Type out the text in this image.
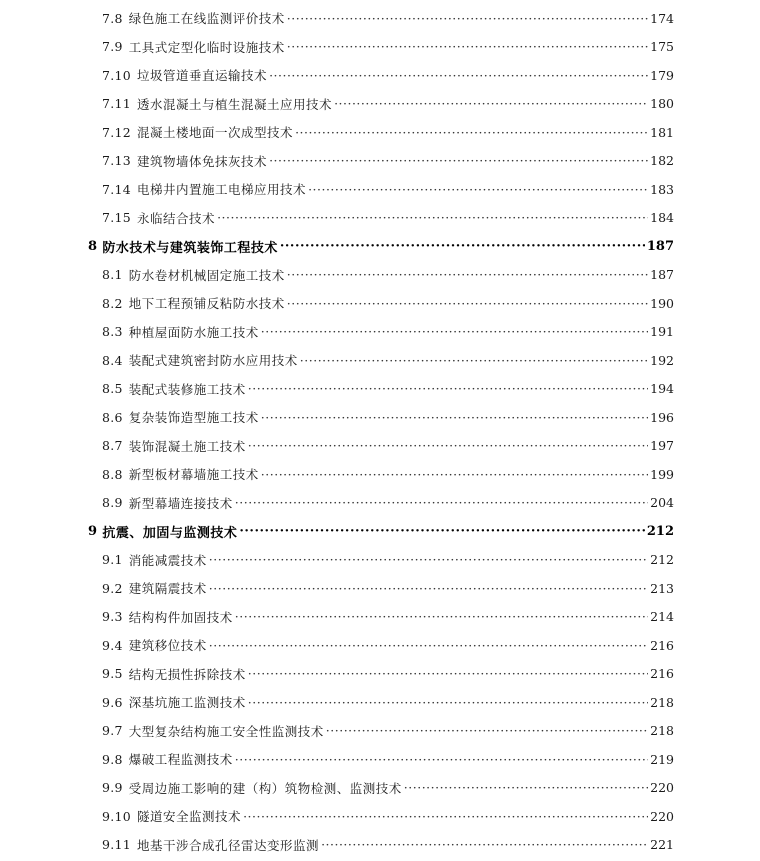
7.8 绿色施工在线监测评价技术 ·····	174
7.9 工具式定型化临时设施技术 ·····	175
7.10 垃圾管道垂直运输技术 ·····	179
7.11 透水混凝土与植生混凝土应用技术 ·····	180
7.12 混凝土楼地面一次成型技术 ·····	181
7.13 建筑物墙体免抹灰技术 ·····	182
7.14 电梯井内置施工电梯应用技术 ·····	183
7.15 永临结合技术 ·····	184
8 防水技术与建筑装饰工程技术 ·····	187
8.1 防水卷材机械固定施工技术 ·····	187
8.2 地下工程预铺反粘防水技术 ·····	190
8.3 种植屋面防水施工技术 ·····	191
8.4 装配式建筑密封防水应用技术 ·····	192
8.5 装配式装修施工技术 ·····	194
8.6 复杂装饰造型施工技术 ·····	196
8.7 装饰混凝土施工技术 ·····	197
8.8 新型板材幕墙施工技术 ·····	199
8.9 新型幕墙连接技术 ·····	204
9 抗震、加固与监测技术 ·····	212
9.1 消能减震技术 ·····	212
9.2 建筑隔震技术 ·····	213
9.3 结构构件加固技术 ·····	214
9.4 建筑移位技术 ·····	216
9.5 结构无损性拆除技术 ·····	216
9.6 深基坑施工监测技术 ·····	218
9.7 大型复杂结构施工安全性监测技术 ·····	218
9.8 爆破工程监测技术 ·····	219
9.9 受周边施工影响的建（构）筑物检测、监测技术 ·····	220
9.10 隧道安全监测技术 ·····	220
9.11 地基干涉合成孔径雷达变形监测 ·····	221
